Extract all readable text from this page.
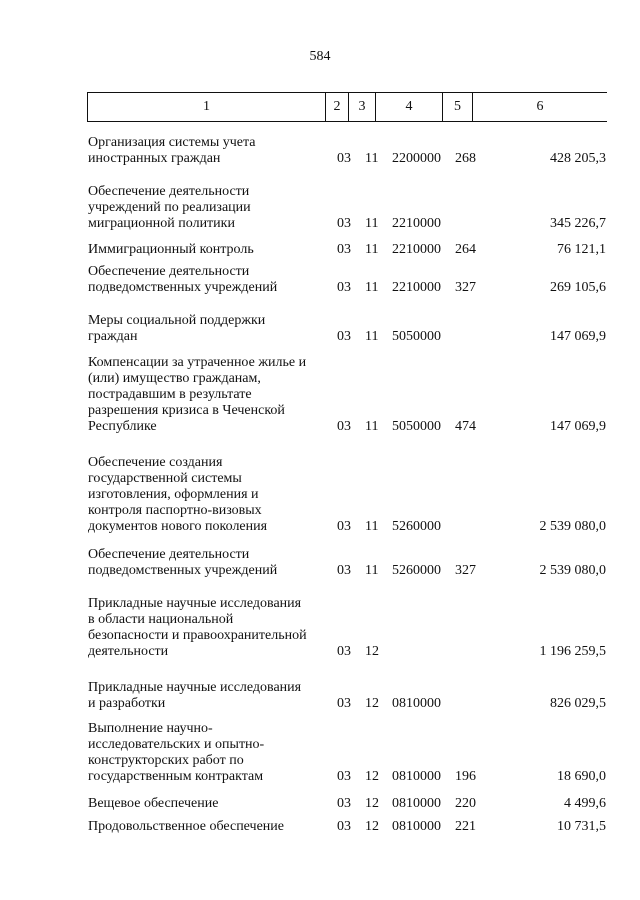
584
1	2	3	4	5	6
Организация системы учета
иностранных граждан	03 11 2200000 268	428 205,3
Обеспечение деятельности
учреждений по реализации
миграционной политики	03 11 2210000	345 226,7
Иммиграционный контроль	03 11 2210000 264	76 121,1
Обеспечение деятельности
подведомственных учреждений	03 11 2210000 327	269 105,6
Меры социальной поддержки
граждан	03 11 5050000	147 069,9
Компенсации за утраченное жилье и
(или) имущество гражданам,
пострадавшим в результате
разрешения кризиса в Чеченской
Республике	03 11 5050000 474	147 069,9
Обеспечение создания
государственной системы
изготовления, оформления и
контроля паспортно-визовых
документов нового поколения	03 11 5260000	2 539 080,0
Обеспечение деятельности
подведомственных учреждений	03 11 5260000 327	2 539 080,0
Прикладные научные исследования
в области национальной
безопасности и правоохранительной
деятельности	03 12	1 196 259,5
Прикладные научные исследования
и разработки	03 12 0810000	826 029,5
Выполнение научно-
исследовательских и опытно-
конструкторских работ по
государственным контрактам	03 12 0810000 196	18 690,0
Вещевое обеспечение	03 12 0810000 220	4 499,6
Продовольственное обеспечение	03 12 0810000 221	10 731,5
